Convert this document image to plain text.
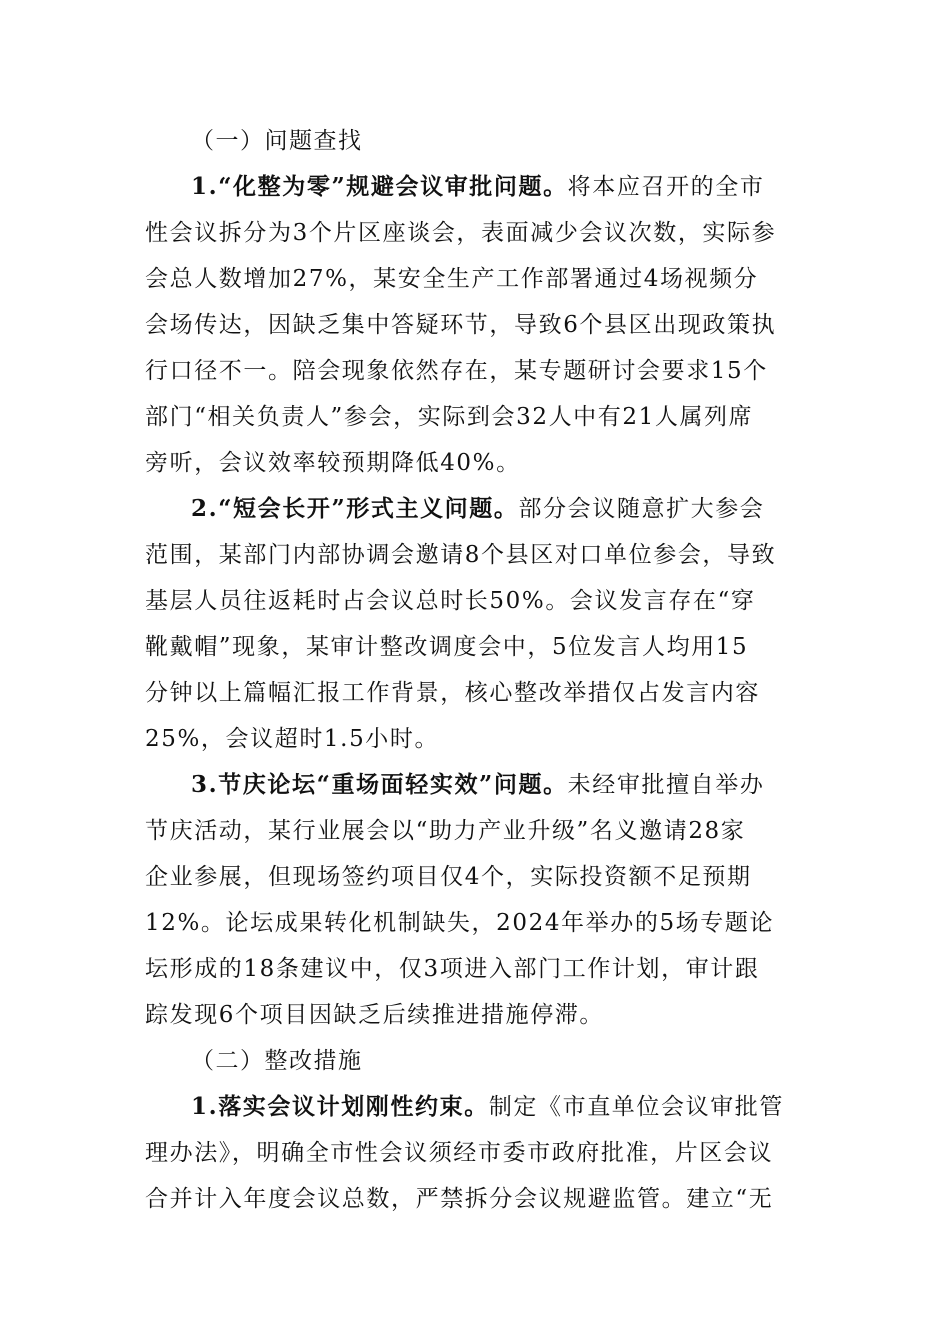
（一）问题查找
1.“化整为零”规避会议审批问题。将本应召开的全市
性会议拆分为3个片区座谈会，表面减少会议次数，实际参
会总人数增加27%，某安全生产工作部署通过4场视频分
会场传达，因缺乏集中答疑环节，导致6个县区出现政策执
行口径不一。陪会现象依然存在，某专题研讨会要求15个
部门“相关负责人”参会，实际到会32人中有21人属列席
旁听，会议效率较预期降低40%。
2.“短会长开”形式主义问题。部分会议随意扩大参会
范围，某部门内部协调会邀请8个县区对口单位参会，导致
基层人员往返耗时占会议总时长50%。会议发言存在“穿
靴戴帽”现象，某审计整改调度会中，5位发言人均用15
分钟以上篇幅汇报工作背景，核心整改举措仅占发言内容
25%，会议超时1.5小时。
3.节庆论坛“重场面轻实效”问题。未经审批擅自举办
节庆活动，某行业展会以“助力产业升级”名义邀请28家
企业参展，但现场签约项目仅4个，实际投资额不足预期
12%。论坛成果转化机制缺失，2024年举办的5场专题论
坛形成的18条建议中，仅3项进入部门工作计划，审计跟
踪发现6个项目因缺乏后续推进措施停滞。
（二）整改措施
1.落实会议计划刚性约束。制定《市直单位会议审批管
理办法》，明确全市性会议须经市委市政府批准，片区会议
合并计入年度会议总数，严禁拆分会议规避监管。建立“无
